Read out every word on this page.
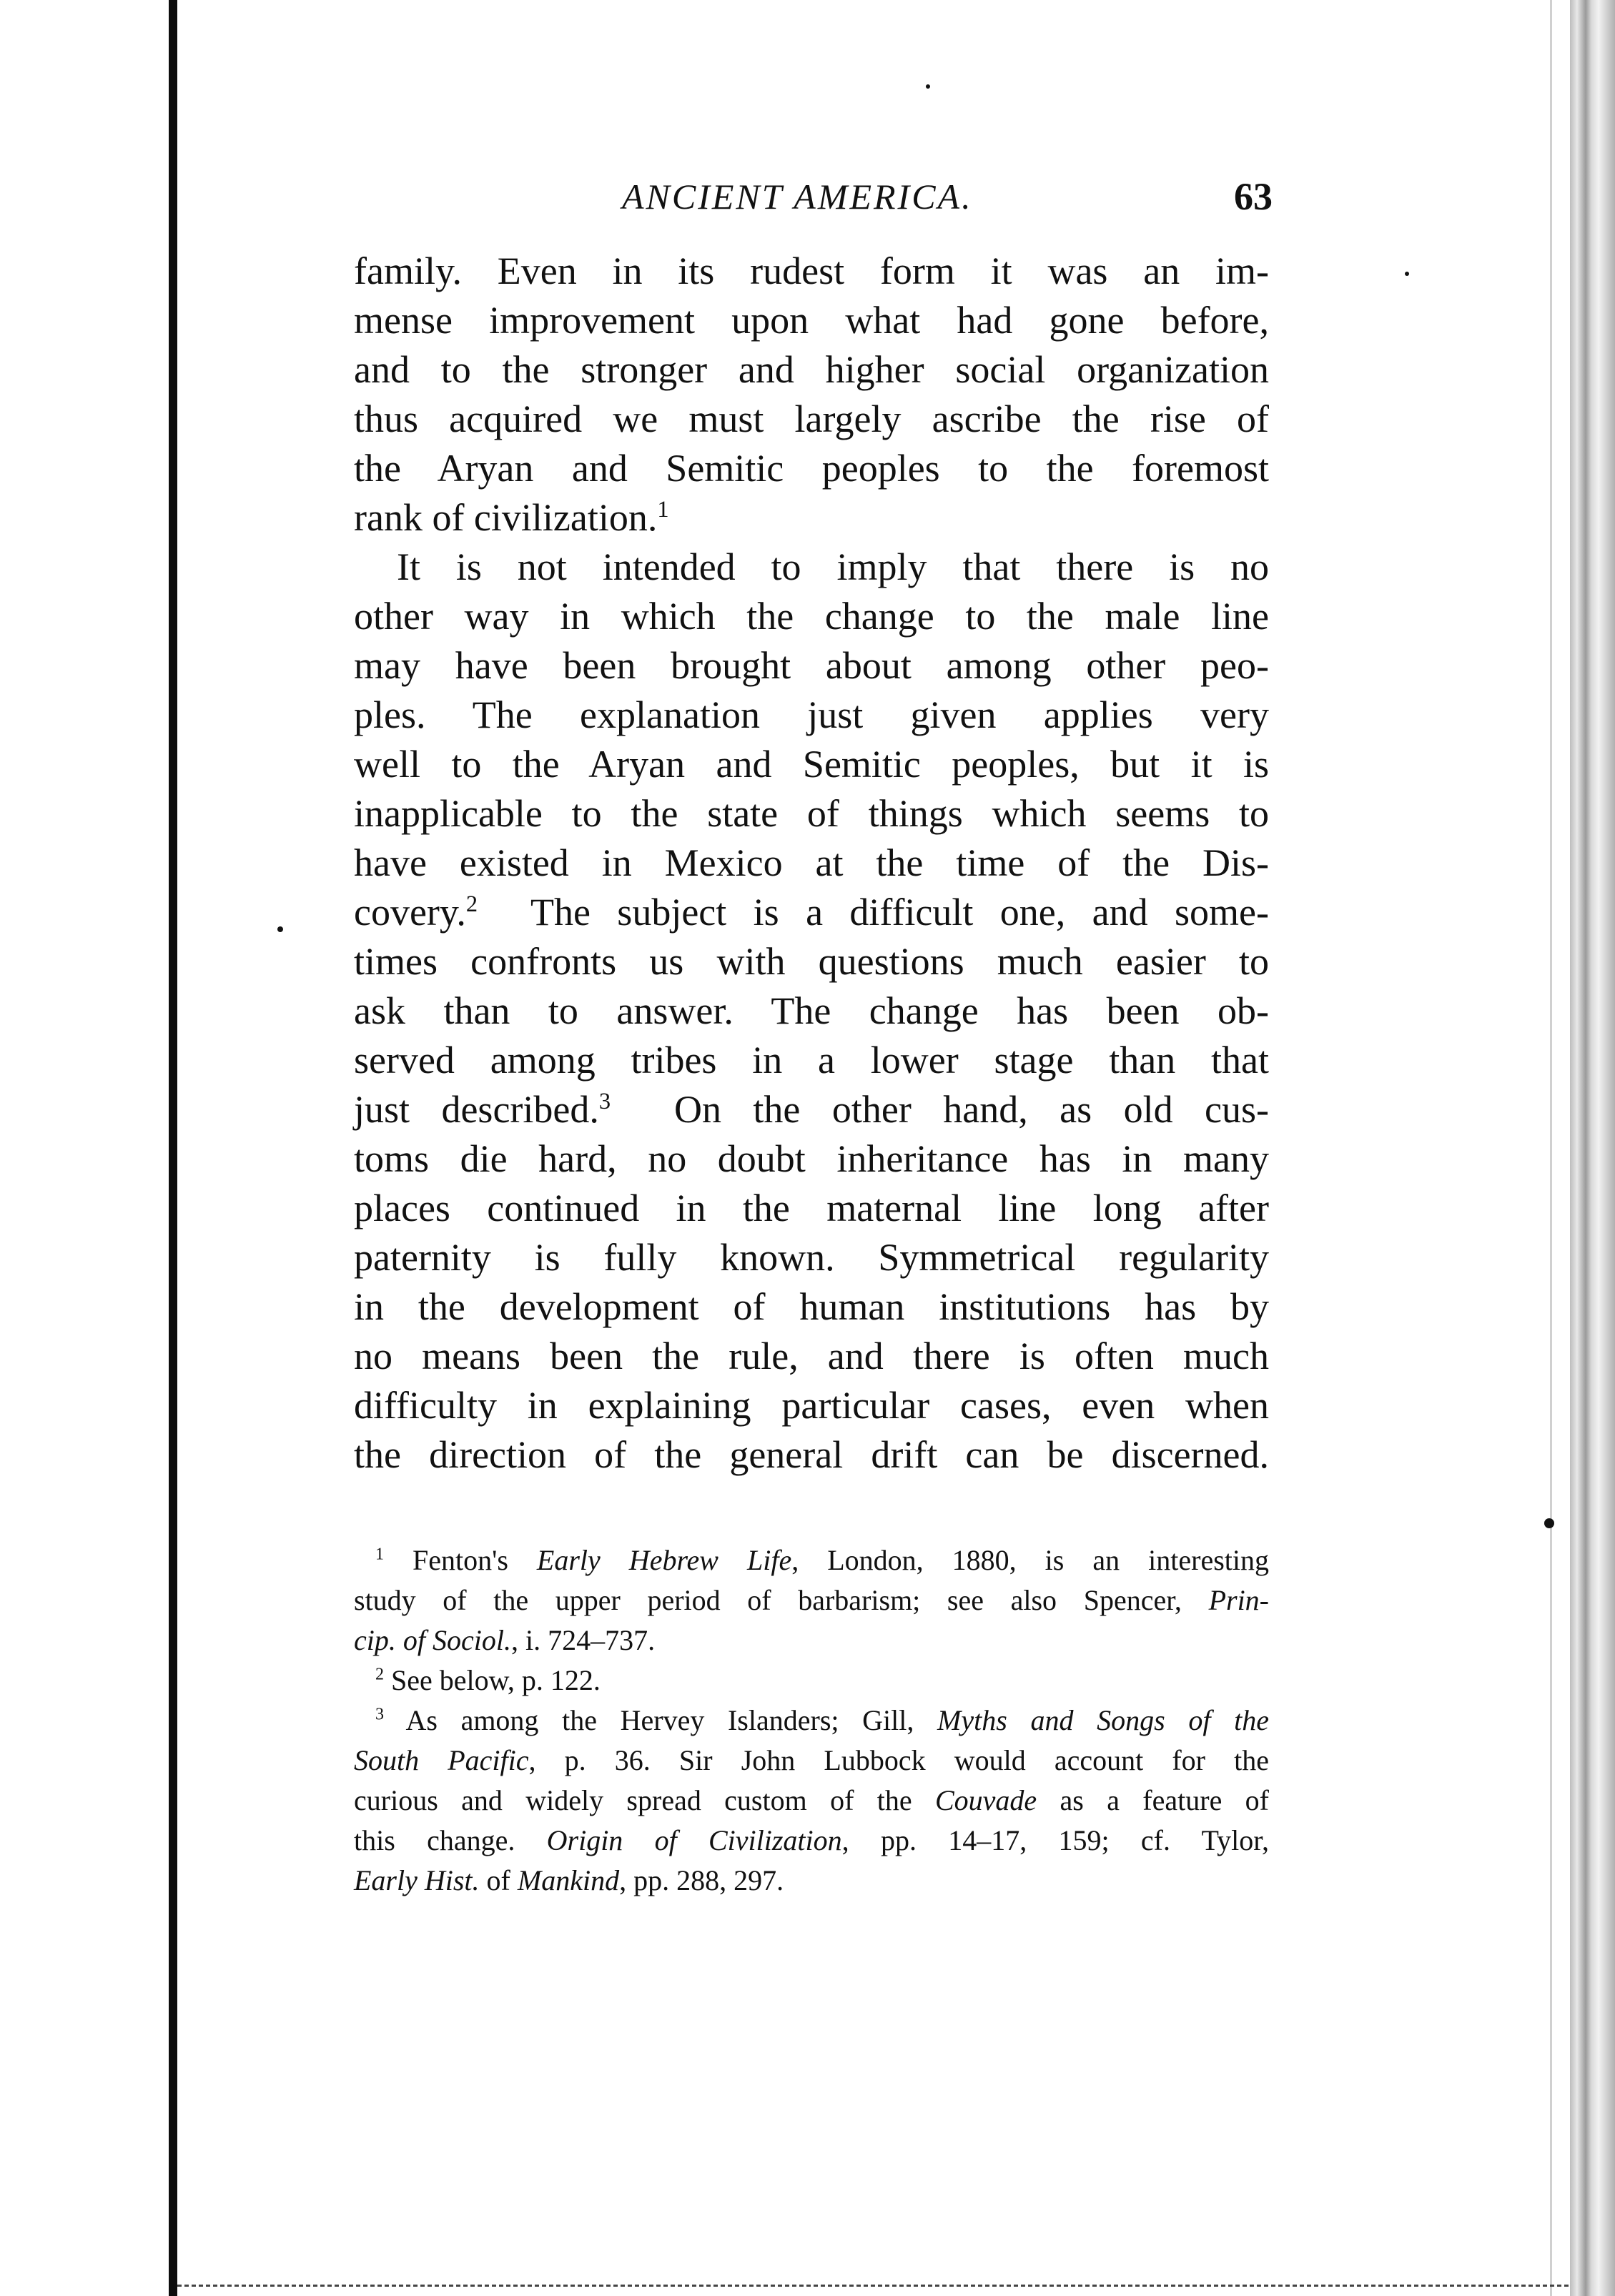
ANCIENT AMERICA.	63
family. Even in its rudest form it was an im-
mense improvement upon what had gone before,
and to the stronger and higher social organization
thus acquired we must largely ascribe the rise of
the Aryan and Semitic peoples to the foremost
rank of civilization.$^1$
It is not intended to imply that there is no
other way in which the change to the male line
may have been brought about among other peo-
ples. The explanation just given applies very
well to the Aryan and Semitic peoples, but it is
inapplicable to the state of things which seems to
have existed in Mexico at the time of the Dis-
covery.$^2$ The subject is a difficult one, and some-
times confronts us with questions much easier to
ask than to answer. The change has been ob-
served among tribes in a lower stage than that
just described.$^3$ On the other hand, as old cus-
toms die hard, no doubt inheritance has in many
places continued in the maternal line long after
paternity is fully known. Symmetrical regularity
in the development of human institutions has by
no means been the rule, and there is often much
difficulty in explaining particular cases, even when
the direction of the general drift can be discerned.
$^1$ Fenton's Early Hebrew Life, London, 1880, is an interesting
study of the upper period of barbarism; see also Spencer, Prin-
cip. of Sociol., i. 724–737.
$^2$ See below, p. 122.
$^3$ As among the Hervey Islanders; Gill, Myths and Songs of the
South Pacific, p. 36. Sir John Lubbock would account for the
curious and widely spread custom of the Couvade as a feature of
this change. Origin of Civilization, pp. 14–17, 159; cf. Tylor,
Early Hist. of Mankind, pp. 288, 297.
